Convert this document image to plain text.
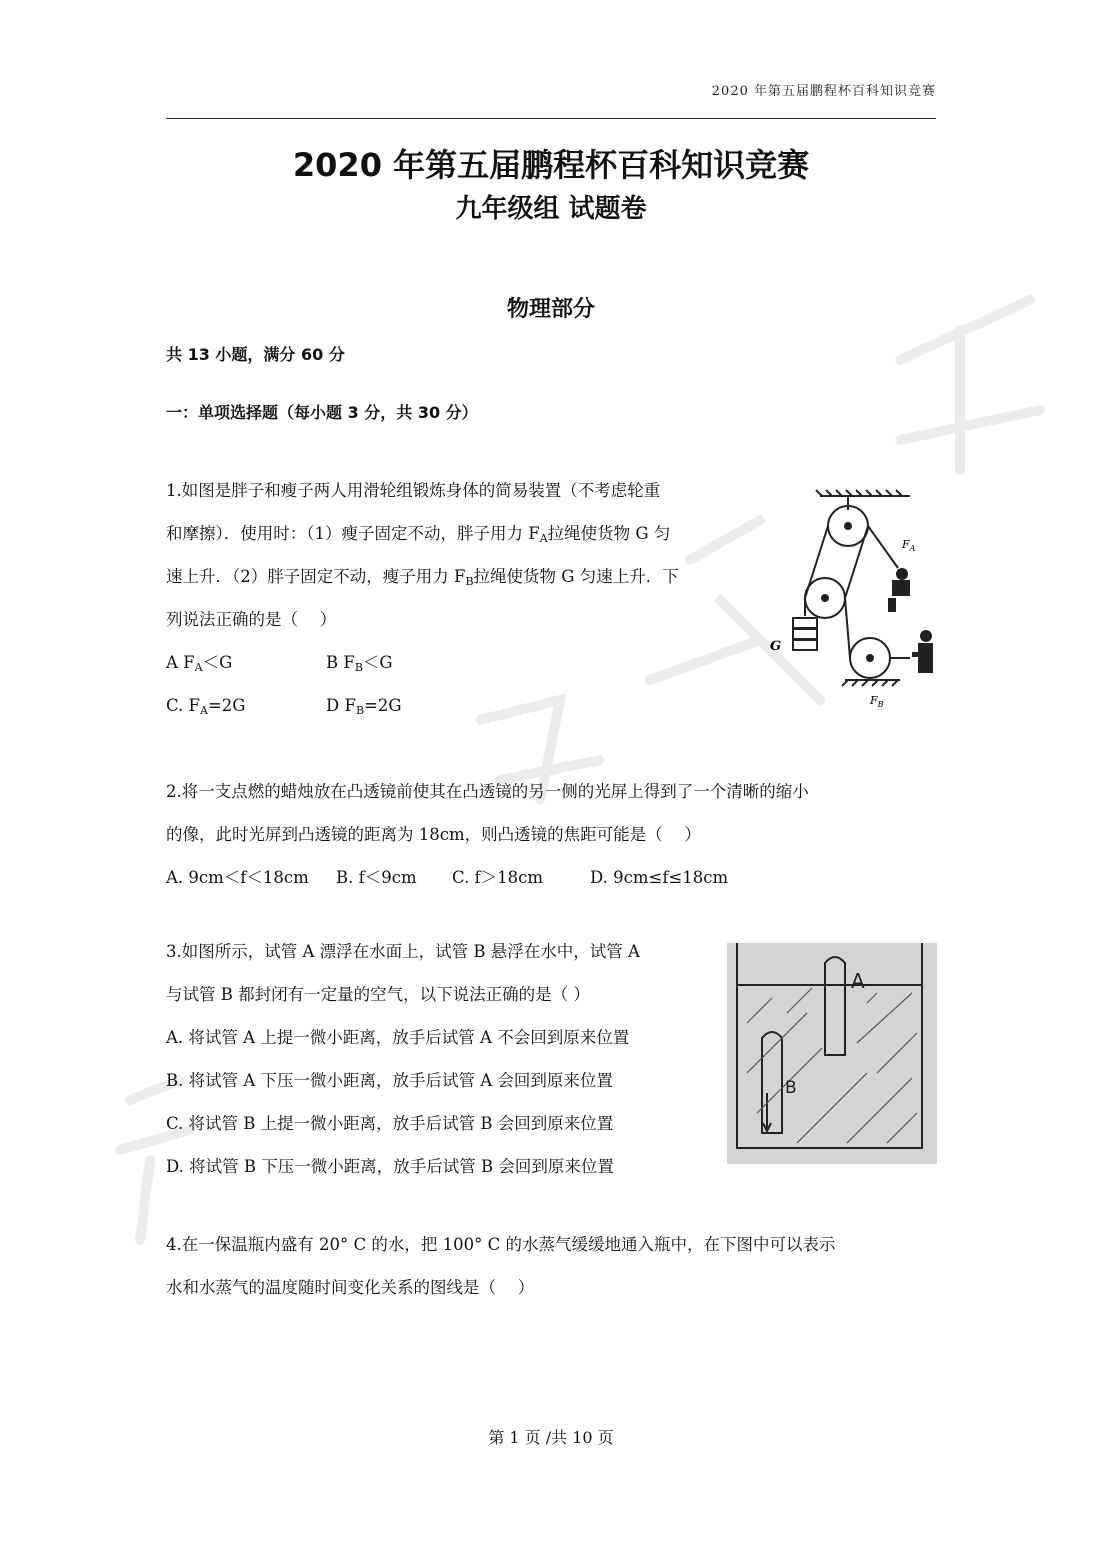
2020 年第五届鹏程杯百科知识竞赛
2020 年第五届鹏程杯百科知识竞赛
九年级组 试题卷
物理部分
共 13 小题，满分 60 分
一：单项选择题（每小题 3 分，共 30 分）
1.如图是胖子和瘦子两人用滑轮组锻炼身体的简易装置（不考虑轮重
和摩擦）．使用时：（1）瘦子固定不动，胖子用力 $F_A$拉绳使货物 G 匀
速上升．（2）胖子固定不动，瘦子用力 $F_B$拉绳使货物 G 匀速上升．下
列说法正确的是（　 ）
A $F_A<G$	B $F_B<G$
C. $F_A=2G$	D $F_B=2G$
$F_A$
G
$F_B$
2.将一支点燃的蜡烛放在凸透镜前使其在凸透镜的另一侧的光屏上得到了一个清晰的缩小
的像，此时光屏到凸透镜的距离为 18cm，则凸透镜的焦距可能是（　 ）
A. 9cm＜f＜18cm	B. f＜9cm	C. f＞18cm	D. 9cm≤f≤18cm
3.如图所示，试管 A 漂浮在水面上，试管 B 悬浮在水中，试管 A
与试管 B 都封闭有一定量的空气，以下说法正确的是（ ）
A. 将试管 A 上提一微小距离，放手后试管 A 不会回到原来位置
B. 将试管 A 下压一微小距离，放手后试管 A 会回到原来位置
C. 将试管 B 上提一微小距离，放手后试管 B 会回到原来位置
D. 将试管 B 下压一微小距离，放手后试管 B 会回到原来位置
A
B
4.在一保温瓶内盛有 20° C 的水，把 100° C 的水蒸气缓缓地通入瓶中，在下图中可以表示
水和水蒸气的温度随时间变化关系的图线是（　 ）
第 1 页 /共 10 页
